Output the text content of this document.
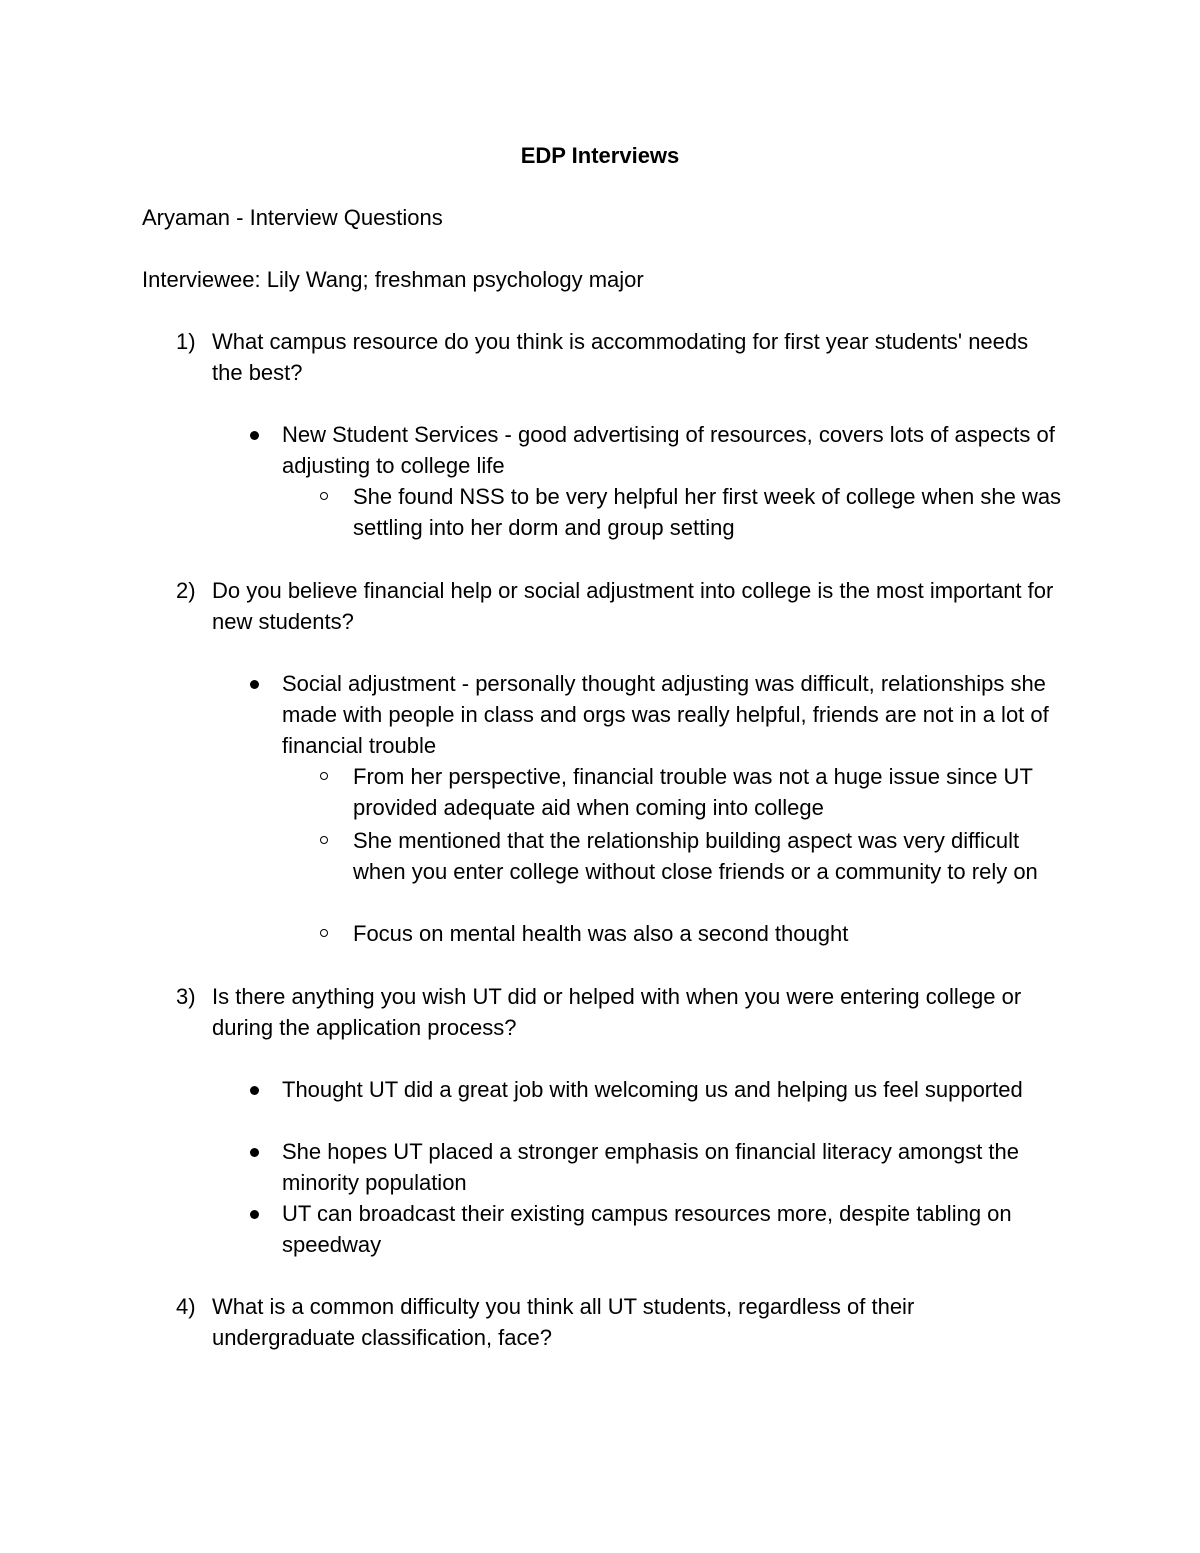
EDP Interviews
Aryaman - Interview Questions
Interviewee: Lily Wang; freshman psychology major
1) What campus resource do you think is accommodating for first year students' needs the best?
New Student Services - good advertising of resources, covers lots of aspects of adjusting to college life
She found NSS to be very helpful her first week of college when she was settling into her dorm and group setting
2) Do you believe financial help or social adjustment into college is the most important for new students?
Social adjustment - personally thought adjusting was difficult, relationships she made with people in class and orgs was really helpful, friends are not in a lot of financial trouble
From her perspective, financial trouble was not a huge issue since UT provided adequate aid when coming into college
She mentioned that the relationship building aspect was very difficult when you enter college without close friends or a community to rely on
Focus on mental health was also a second thought
3) Is there anything you wish UT did or helped with when you were entering college or during the application process?
Thought UT did a great job with welcoming us and helping us feel supported
She hopes UT placed a stronger emphasis on financial literacy amongst the minority population
UT can broadcast their existing campus resources more, despite tabling on speedway
4) What is a common difficulty you think all UT students, regardless of their undergraduate classification, face?
